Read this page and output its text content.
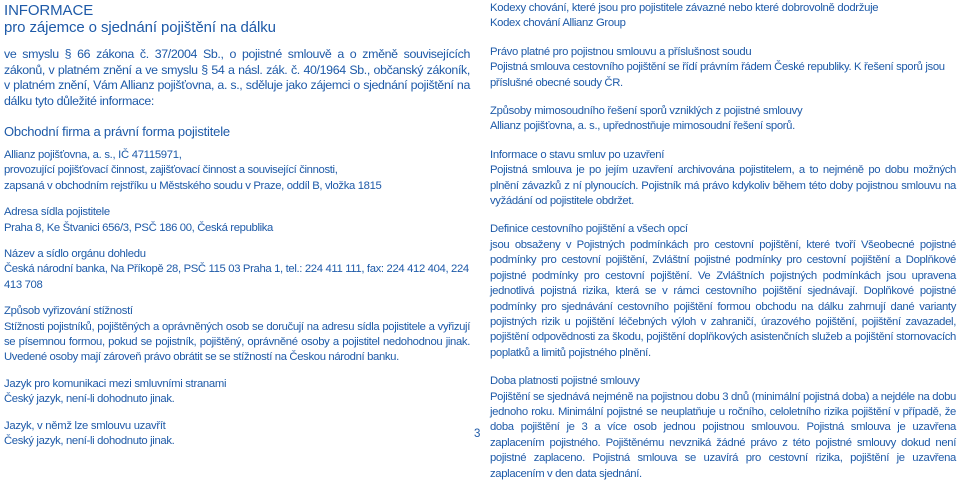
INFORMACE

pro zájemce o sjednání pojištění na dálku

ve smyslu § 66 zákona č. 37/2004 Sb., o pojistné smlouvě a o změně souvisejících zákonů, v platném znění a ve smyslu § 54 a násl. zák. č. 40/1964 Sb., občanský zákoník, v platném znění, Vám Allianz pojišťovna, a. s., sděluje jako zájemci o sjednání pojištění na dálku tyto důležité informace:

Obchodní firma a právní forma pojistitele

Allianz pojišťovna, a. s., IČ 47115971,

provozující pojišťovací činnost, zajišťovací činnost a související činnosti,

zapsaná v obchodním rejstříku u Městského soudu v Praze, oddíl B, vložka 1815

Adresa sídla pojistitele

Praha 8, Ke Štvanici 656/3, PSČ 186 00, Česká republika

Název a sídlo orgánu dohledu

Česká národní banka, Na Příkopě 28, PSČ 115 03 Praha 1, tel.: 224 411 111, fax: 224 412 404, 224 413 708

Způsob vyřizování stížností

Stížnosti pojistníků, pojištěných a oprávněných osob se doručují na adresu sídla pojistitele a vyřizují se písemnou formou, pokud se pojistník, pojištěný, oprávněné osoby a pojistitel nedohodnou jinak. Uvedené osoby mají zároveň právo obrátit se se stížností na Českou národní banku.

Jazyk pro komunikaci mezi smluvními stranami

Český jazyk, není-li dohodnuto jinak.

Jazyk, v němž lze smlouvu uzavřít

Český jazyk, není-li dohodnuto jinak.

3

Kodexy chování, které jsou pro pojistitele závazné nebo které dobrovolně dodržuje

Kodex chování Allianz Group

Právo platné pro pojistnou smlouvu a příslušnost soudu

Pojistná smlouva cestovního pojištění se řídí právním řádem České republiky. K řešení sporů jsou příslušné obecné soudy ČR.

Způsoby mimosoudního řešení sporů vzniklých z pojistné smlouvy

Allianz pojišťovna, a. s., upřednostňuje mimosoudní řešení sporů.

Informace o stavu smluv po uzavření

Pojistná smlouva je po jejím uzavření archivována pojistitelem, a to nejméně po dobu možných plnění závazků z ní plynoucích. Pojistník má právo kdykoliv během této doby pojistnou smlouvu na vyžádání od pojistitele obdržet.

Definice cestovního pojištění a všech opcí

jsou obsaženy v Pojistných podmínkách pro cestovní pojištění, které tvoří Všeobecné pojistné podmínky pro cestovní pojištění, Zvláštní pojistné podmínky pro cestovní pojištění a Doplňkové pojistné podmínky pro cestovní pojištění. Ve Zvláštních pojistných podmínkách jsou upravena jednotlivá pojistná rizika, která se v rámci cestovního pojištění sjednávají. Doplňkové pojistné podmínky pro sjednávání cestovního pojištění formou obchodu na dálku zahrnují dané varianty pojistných rizik u pojištění léčebných výloh v zahraničí, úrazového pojištění, pojištění zavazadel, pojištění odpovědnosti za škodu, pojištění doplňkových asistenčních služeb a pojištění stornovacích poplatků a limitů pojistného plnění.

Doba platnosti pojistné smlouvy

Pojištění se sjednává nejméně na pojistnou dobu 3 dnů (minimální pojistná doba) a nejdéle na dobu jednoho roku. Minimální pojistné se neuplatňuje u ročního, celoletního rizika pojištění v případě, že doba pojištění je 3 a více osob jednou pojistnou smlouvou. Pojistná smlouva je uzavřena zaplacením pojistného. Pojištěnému nevzniká žádné právo z této pojistné smlouvy dokud není pojistné zaplaceno. Pojistná smlouva se uzavírá pro cestovní rizika, pojištění je uzavřena zaplacením v den data sjednání.
